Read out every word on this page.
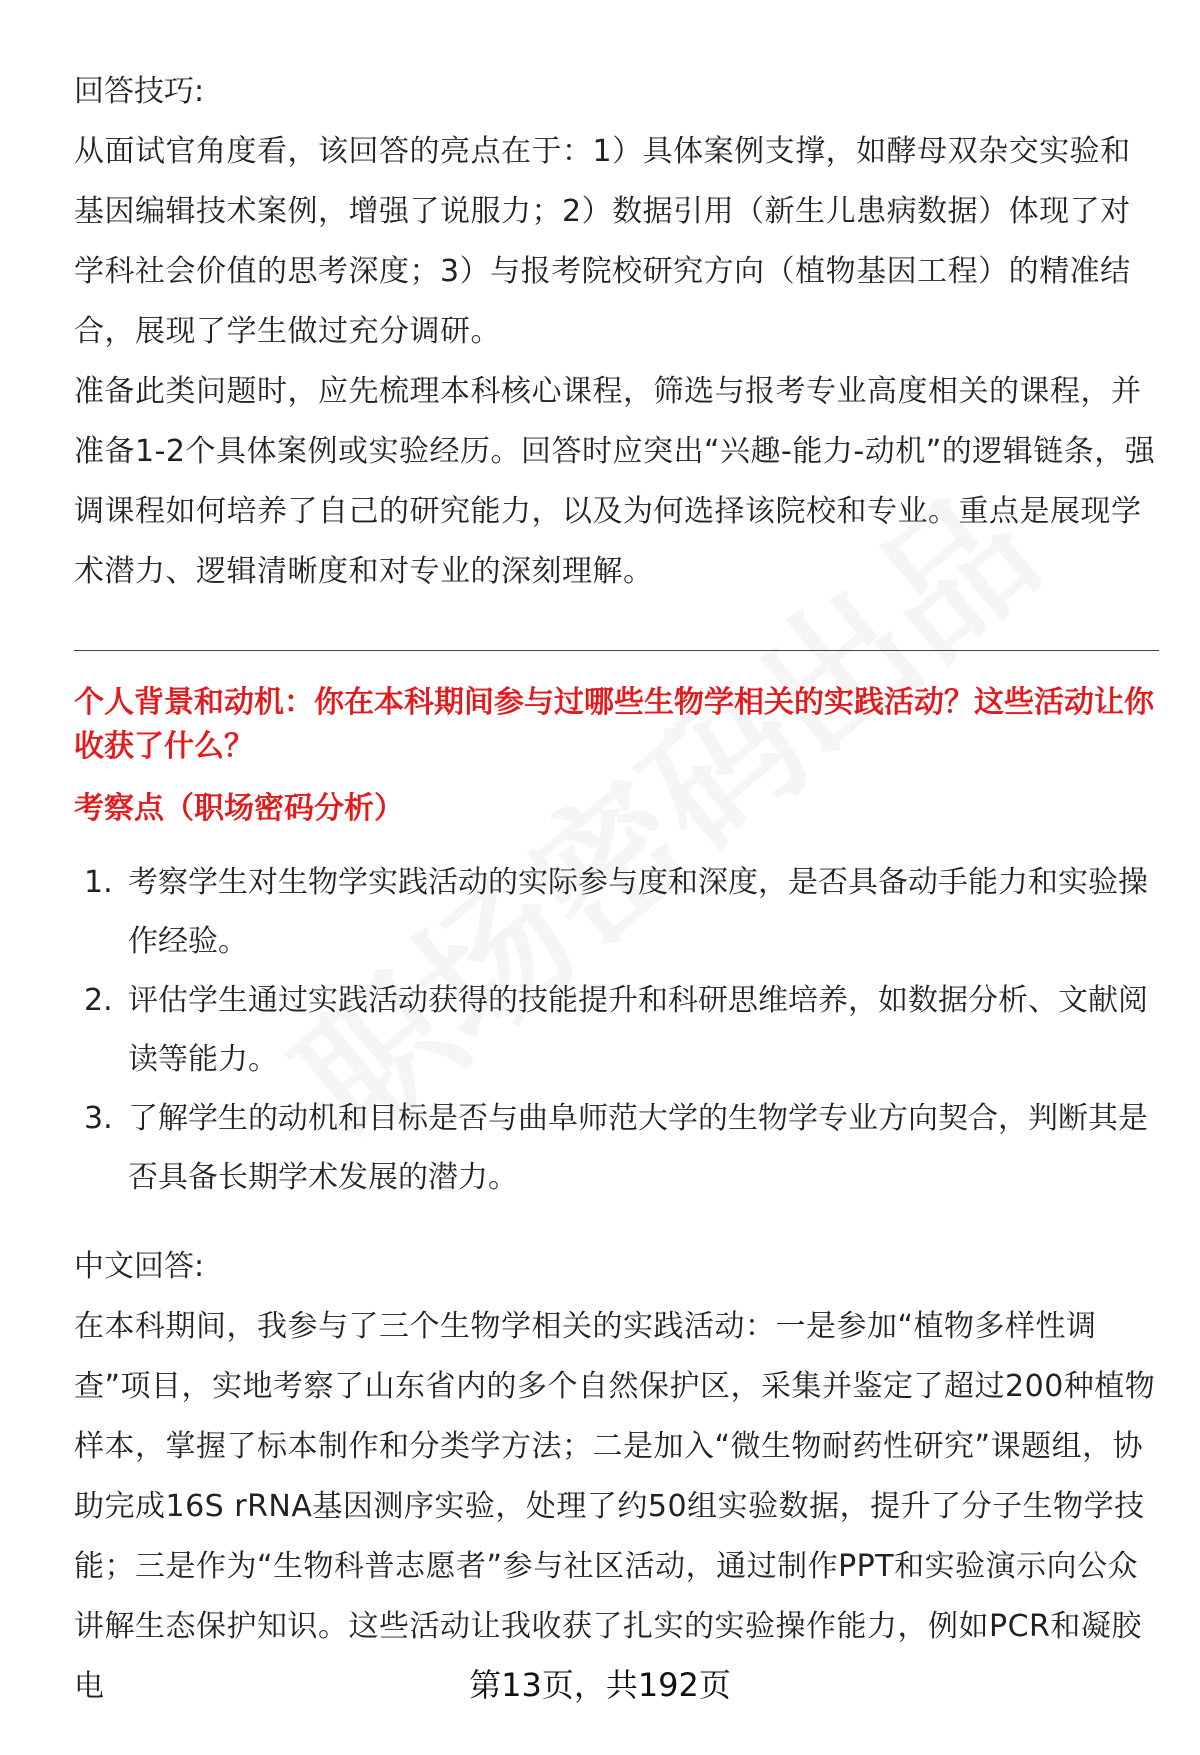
回答技巧:

从面试官角度看，该回答的亮点在于：1）具体案例支撑，如酵母双杂交实验和基因编辑技术案例，增强了说服力；2）数据引用（新生儿患病数据）体现了对学科社会价值的思考深度；3）与报考院校研究方向（植物基因工程）的精准结合，展现了学生做过充分调研。

准备此类问题时，应先梳理本科核心课程，筛选与报考专业高度相关的课程，并准备1-2个具体案例或实验经历。回答时应突出“兴趣-能力-动机”的逻辑链条，强调课程如何培养了自己的研究能力，以及为何选择该院校和专业。重点是展现学术潜力、逻辑清晰度和对专业的深刻理解。

个人背景和动机：你在本科期间参与过哪些生物学相关的实践活动？这些活动让你收获了什么？

考察点（职场密码分析）

1. 考察学生对生物学实践活动的实际参与度和深度，是否具备动手能力和实验操作经验。
2. 评估学生通过实践活动获得的技能提升和科研思维培养，如数据分析、文献阅读等能力。
3. 了解学生的动机和目标是否与曲阜师范大学的生物学专业方向契合，判断其是否具备长期学术发展的潜力。

中文回答:

在本科期间，我参与了三个生物学相关的实践活动：一是参加“植物多样性调查”项目，实地考察了山东省内的多个自然保护区，采集并鉴定了超过200种植物样本，掌握了标本制作和分类学方法；二是加入“微生物耐药性研究”课题组，协助完成16S rRNA基因测序实验，处理了约50组实验数据，提升了分子生物学技能；三是作为“生物科普志愿者”参与社区活动，通过制作PPT和实验演示向公众讲解生态保护知识。这些活动让我收获了扎实的实验操作能力，例如PCR和凝胶电	第13页，共192页
